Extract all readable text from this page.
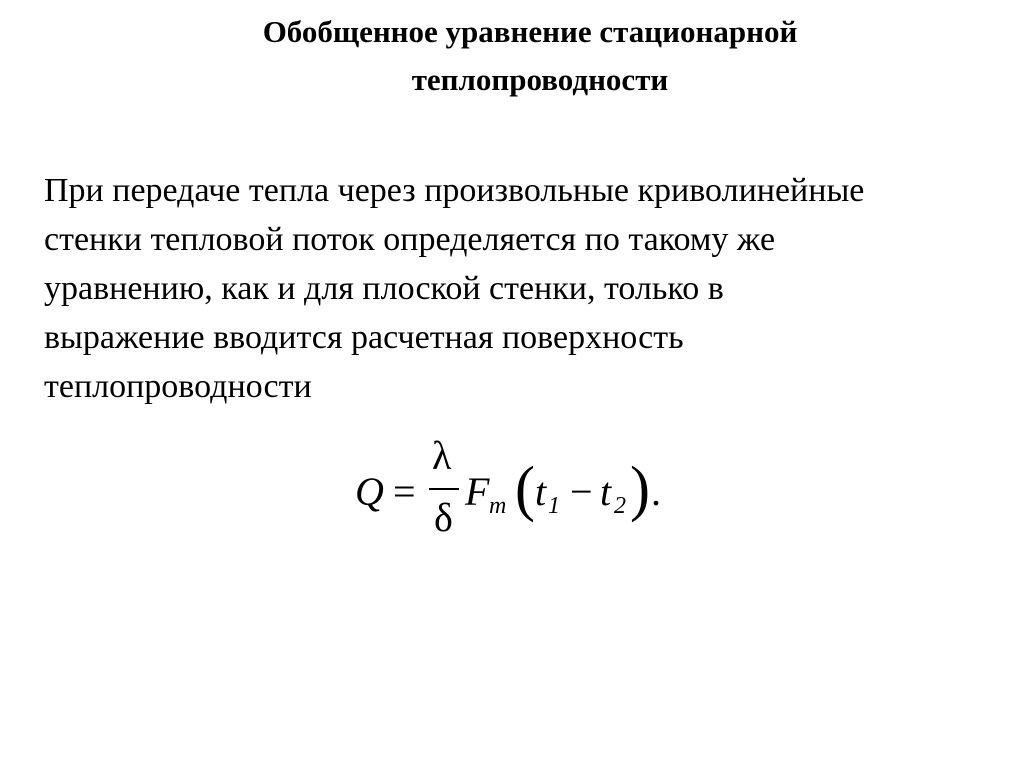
Обобщенное уравнение стационарной
теплопроводности
При передаче тепла через произвольные криволинейные
стенки тепловой поток определяется по такому же
уравнению, как и для плоской стенки, только в
выражение вводится расчетная поверхность
теплопроводности
Q =
λ
δ
F m ( t 1 − t 2 ) .
